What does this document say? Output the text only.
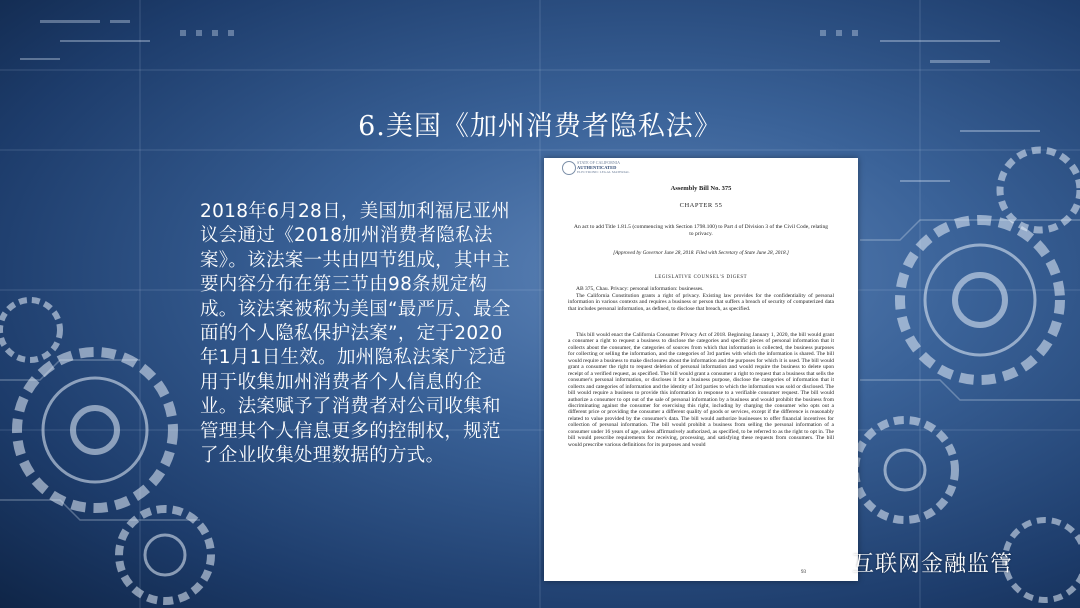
6.美国《加州消费者隐私法》
2018年6月28日，美国加利福尼亚州议会通过《2018加州消费者隐私法案》。该法案一共由四节组成，其中主要内容分布在第三节由98条规定构成。该法案被称为美国“最严厉、最全面的个人隐私保护法案”，定于2020年1月1日生效。加州隐私法案广泛适用于收集加州消费者个人信息的企业。法案赋予了消费者对公司收集和管理其个人信息更多的控制权，规范了企业收集处理数据的方式。
STATE OF CALIFORNIA
AUTHENTICATED
ELECTRONIC LEGAL MATERIAL
Assembly Bill No. 375
CHAPTER 55
An act to add Title 1.81.5 (commencing with Section 1798.100) to Part 4 of Division 3 of the Civil Code, relating to privacy.
[Approved by Governor June 28, 2018. Filed with Secretary of State June 28, 2018.]
LEGISLATIVE COUNSEL'S DIGEST
AB 375, Chau. Privacy: personal information: businesses.
The California Constitution grants a right of privacy. Existing law provides for the confidentiality of personal information in various contexts and requires a business or person that suffers a breach of security of computerized data that includes personal information, as defined, to disclose that breach, as specified.
This bill would enact the California Consumer Privacy Act of 2018. Beginning January 1, 2020, the bill would grant a consumer a right to request a business to disclose the categories and specific pieces of personal information that it collects about the consumer, the categories of sources from which that information is collected, the business purposes for collecting or selling the information, and the categories of 3rd parties with which the information is shared. The bill would require a business to make disclosures about the information and the purposes for which it is used. The bill would grant a consumer the right to request deletion of personal information and would require the business to delete upon receipt of a verified request, as specified. The bill would grant a consumer a right to request that a business that sells the consumer's personal information, or discloses it for a business purpose, disclose the categories of information that it collects and categories of information and the identity of 3rd parties to which the information was sold or disclosed. The bill would require a business to provide this information in response to a verifiable consumer request. The bill would authorize a consumer to opt out of the sale of personal information by a business and would prohibit the business from discriminating against the consumer for exercising this right, including by charging the consumer who opts out a different price or providing the consumer a different quality of goods or services, except if the difference is reasonably related to value provided by the consumer's data. The bill would authorize businesses to offer financial incentives for collection of personal information. The bill would prohibit a business from selling the personal information of a consumer under 16 years of age, unless affirmatively authorized, as specified, to be referred to as the right to opt in. The bill would prescribe requirements for receiving, processing, and satisfying these requests from consumers. The bill would prescribe various definitions for its purposes and would
93 互联网金融监管
